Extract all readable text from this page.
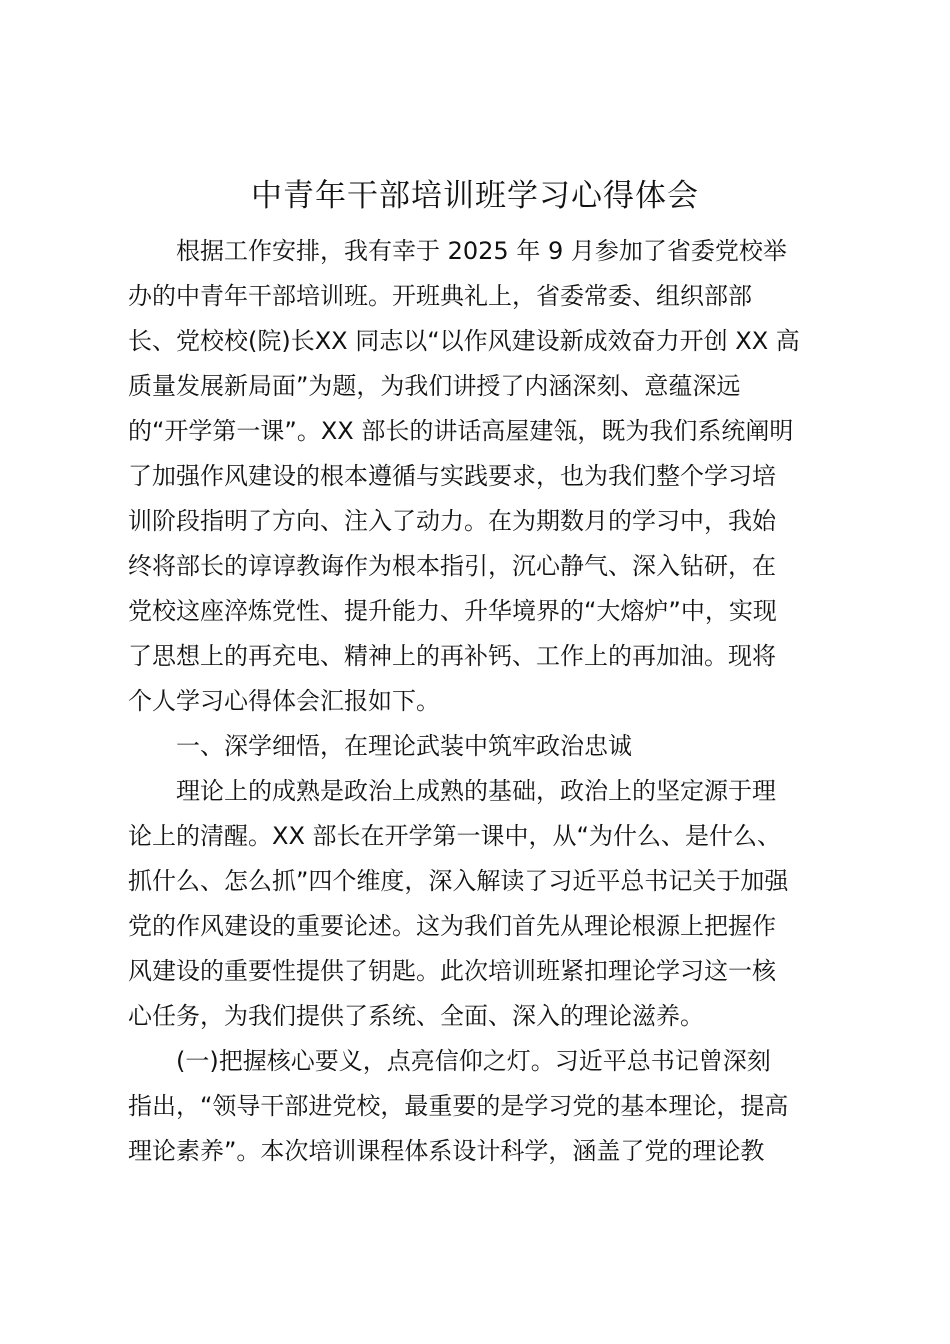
中青年干部培训班学习心得体会
根据工作安排，我有幸于 2025 年 9 月参加了省委党校举
办的中青年干部培训班。开班典礼上，省委常委、组织部部
长、党校校(院)长XX 同志以“以作风建设新成效奋力开创 XX 高
质量发展新局面”为题，为我们讲授了内涵深刻、意蕴深远
的“开学第一课”。XX 部长的讲话高屋建瓴，既为我们系统阐明
了加强作风建设的根本遵循与实践要求，也为我们整个学习培
训阶段指明了方向、注入了动力。在为期数月的学习中，我始
终将部长的谆谆教诲作为根本指引，沉心静气、深入钻研，在
党校这座淬炼党性、提升能力、升华境界的“大熔炉”中，实现
了思想上的再充电、精神上的再补钙、工作上的再加油。现将
个人学习心得体会汇报如下。
一、深学细悟，在理论武装中筑牢政治忠诚
理论上的成熟是政治上成熟的基础，政治上的坚定源于理
论上的清醒。XX 部长在开学第一课中，从“为什么、是什么、
抓什么、怎么抓”四个维度，深入解读了习近平总书记关于加强
党的作风建设的重要论述。这为我们首先从理论根源上把握作
风建设的重要性提供了钥匙。此次培训班紧扣理论学习这一核
心任务，为我们提供了系统、全面、深入的理论滋养。
(一)把握核心要义，点亮信仰之灯。习近平总书记曾深刻
指出，“领导干部进党校，最重要的是学习党的基本理论，提高
理论素养”。本次培训课程体系设计科学，涵盖了党的理论教
